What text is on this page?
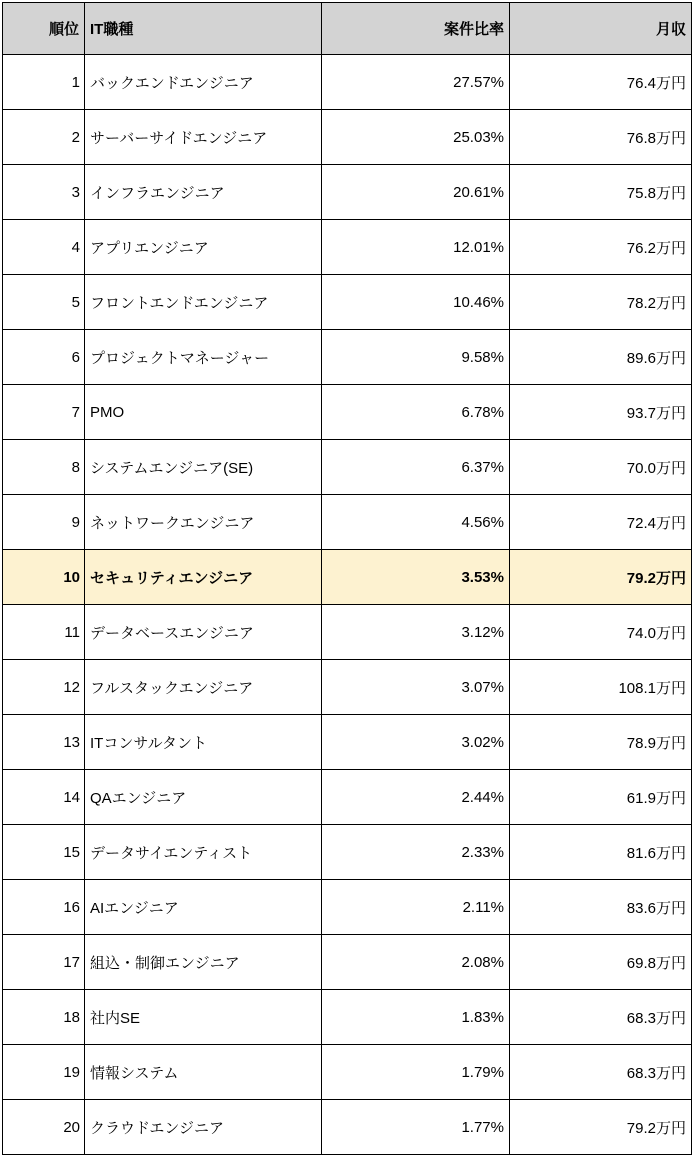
順位	IT職種	案件比率	月収
1	バックエンドエンジニア	27.57%	76.4万円
2	サーバーサイドエンジニア	25.03%	76.8万円
3	インフラエンジニア	20.61%	75.8万円
4	アプリエンジニア	12.01%	76.2万円
5	フロントエンドエンジニア	10.46%	78.2万円
6	プロジェクトマネージャー	9.58%	89.6万円
7	PMO	6.78%	93.7万円
8	システムエンジニア(SE)	6.37%	70.0万円
9	ネットワークエンジニア	4.56%	72.4万円
10	セキュリティエンジニア	3.53%	79.2万円
11	データベースエンジニア	3.12%	74.0万円
12	フルスタックエンジニア	3.07%	108.1万円
13	ITコンサルタント	3.02%	78.9万円
14	QAエンジニア	2.44%	61.9万円
15	データサイエンティスト	2.33%	81.6万円
16	AIエンジニア	2.11%	83.6万円
17	組込・制御エンジニア	2.08%	69.8万円
18	社内SE	1.83%	68.3万円
19	情報システム	1.79%	68.3万円
20	クラウドエンジニア	1.77%	79.2万円
